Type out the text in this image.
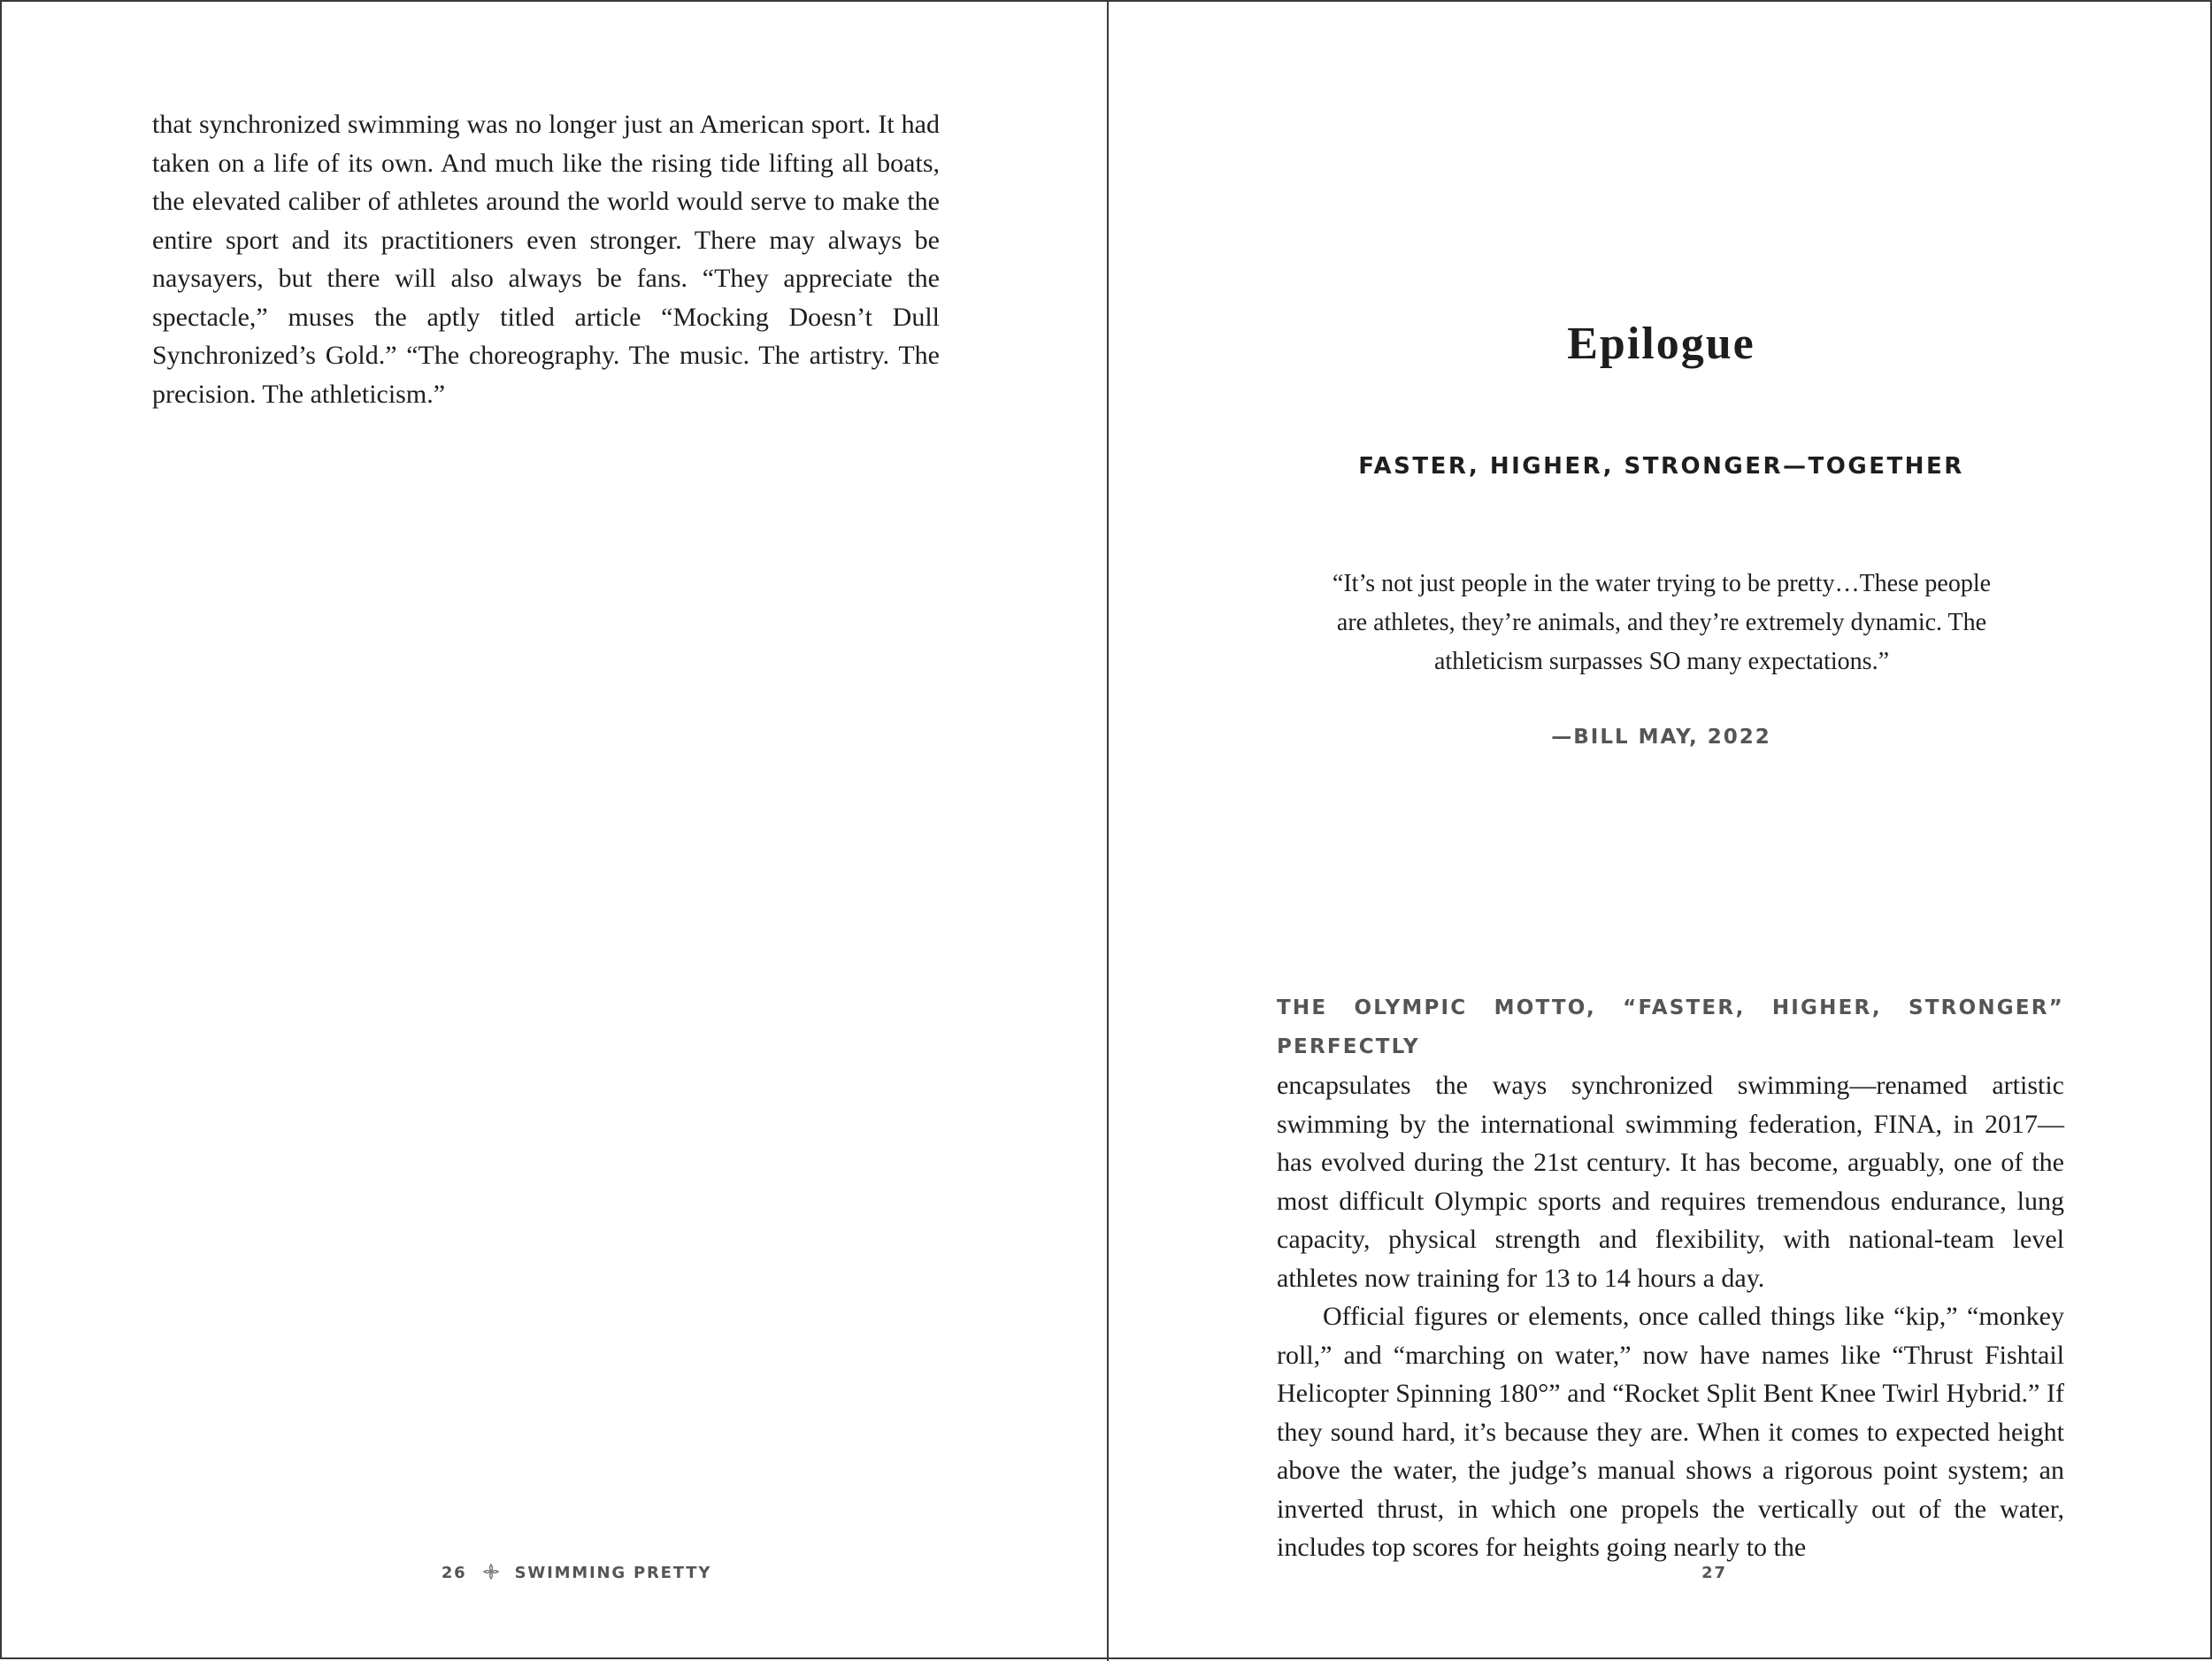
that synchronized swimming was no longer just an American sport. It had taken on a life of its own. And much like the rising tide lifting all boats, the elevated caliber of athletes around the world would serve to make the entire sport and its practitioners even stronger. There may always be naysayers, but there will also always be fans. “They appreciate the spectacle,” muses the aptly titled article “Mocking Doesn’t Dull Synchronized’s Gold.” “The choreography. The music. The artistry. The precision. The athleticism.”

26	SWIMMING PRETTY

Epilogue
FASTER, HIGHER, STRONGER—TOGETHER

“It’s not just people in the water trying to be pretty…These people are athletes, they’re animals, and they’re extremely dynamic. The athleticism surpasses SO many expectations.”

—BILL MAY, 2022

THE OLYMPIC MOTTO, “FASTER, HIGHER, STRONGER” PERFECTLY

encapsulates the ways synchronized swimming—renamed artistic swimming by the international swimming federation, FINA, in 2017—has evolved during the 21st century. It has become, arguably, one of the most difficult Olympic sports and requires tremendous endurance, lung capacity, physical strength and flexibility, with national-team level athletes now training for 13 to 14 hours a day.

Official figures or elements, once called things like “kip,” “monkey roll,” and “marching on water,” now have names like “Thrust Fishtail Helicopter Spinning 180°” and “Rocket Split Bent Knee Twirl Hybrid.” If they sound hard, it’s because they are. When it comes to expected height above the water, the judge’s manual shows a rigorous point system; an inverted thrust, in which one propels the vertically out of the water, includes top scores for heights going nearly to the

27
